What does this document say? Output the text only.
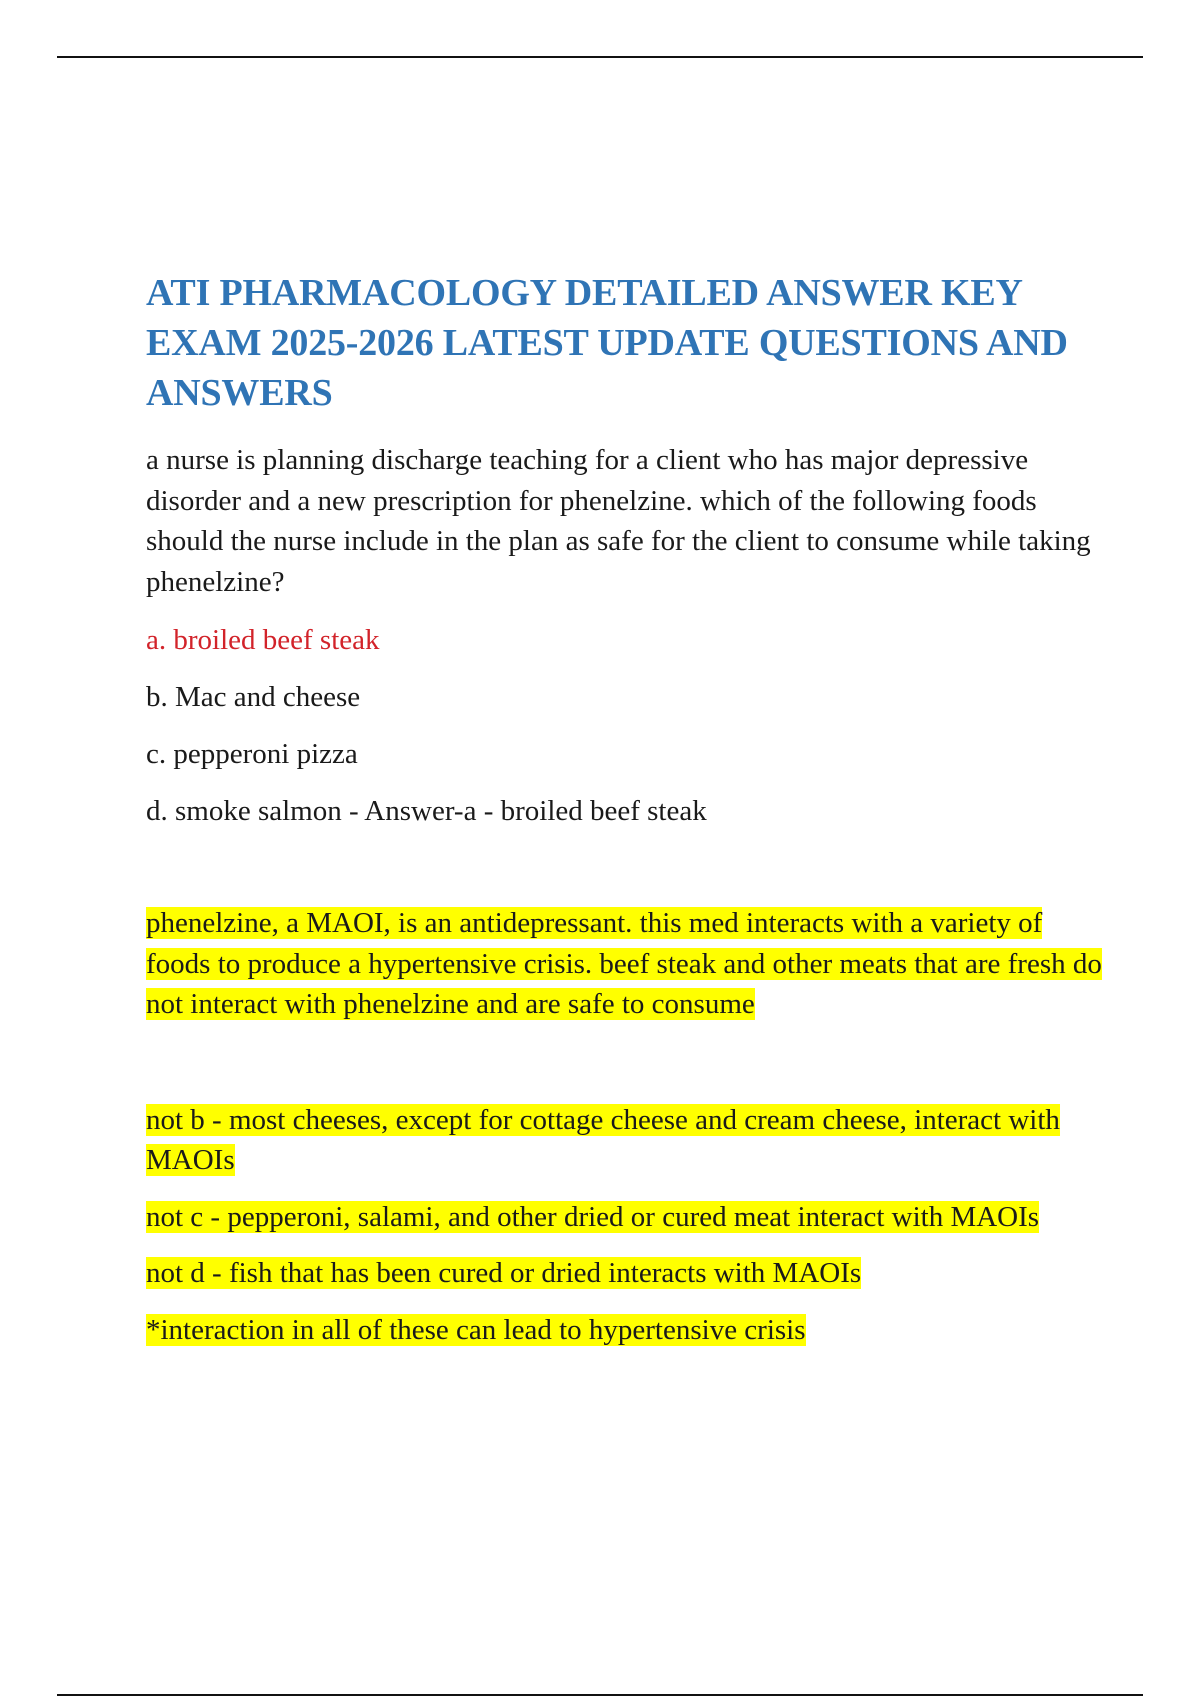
ATI PHARMACOLOGY DETAILED ANSWER KEY EXAM 2025-2026 LATEST UPDATE QUESTIONS AND ANSWERS

a nurse is planning discharge teaching for a client who has major depressive disorder and a new prescription for phenelzine. which of the following foods should the nurse include in the plan as safe for the client to consume while taking phenelzine?

a. broiled beef steak

b. Mac and cheese

c. pepperoni pizza

d. smoke salmon - Answer-a - broiled beef steak

phenelzine, a MAOI, is an antidepressant. this med interacts with a variety of foods to produce a hypertensive crisis. beef steak and other meats that are fresh do not interact with phenelzine and are safe to consume

not b - most cheeses, except for cottage cheese and cream cheese, interact with MAOIs

not c - pepperoni, salami, and other dried or cured meat interact with MAOIs

not d - fish that has been cured or dried interacts with MAOIs

*interaction in all of these can lead to hypertensive crisis
